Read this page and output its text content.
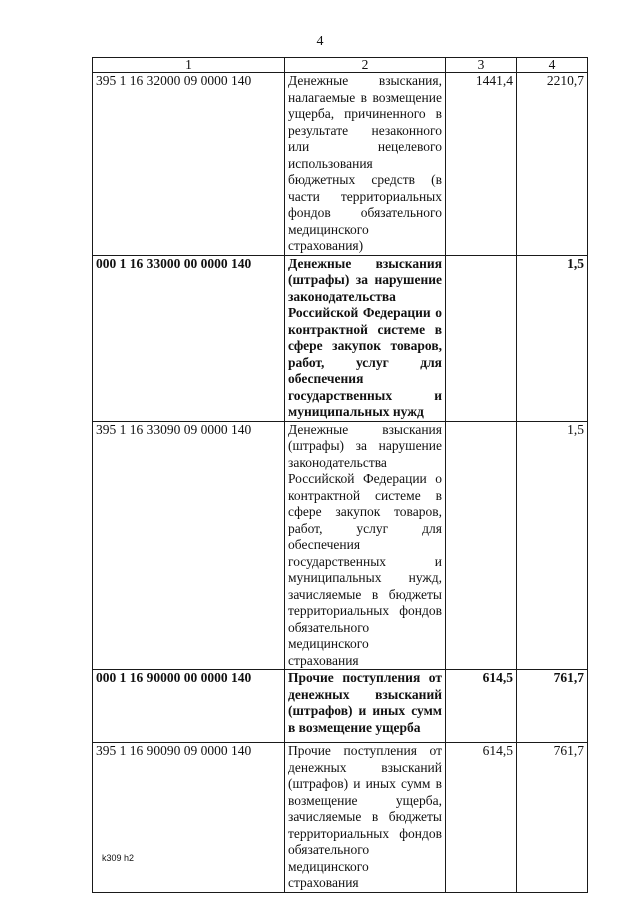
4
1	2	3	4
395 1 16 32000 09 0000 140	Денежные взыскания, налагаемые в возмещение ущерба, причиненного в результате незаконного или нецелевого использования бюджетных средств (в части территориальных фондов обязательного медицинского страхования)	1441,4	2210,7
000 1 16 33000 00 0000 140	Денежные взыскания (штрафы) за нарушение законодательства Российской Федерации о контрактной системе в сфере закупок товаров, работ, услуг для обеспечения государственных и муниципальных нужд		1,5
395 1 16 33090 09 0000 140	Денежные взыскания (штрафы) за нарушение законодательства Российской Федерации о контрактной системе в сфере закупок товаров, работ, услуг для обеспечения государственных и муниципальных нужд, зачисляемые в бюджеты территориальных фондов обязательного медицинского страхования		1,5
000 1 16 90000 00 0000 140	Прочие поступления от денежных взысканий (штрафов) и иных сумм в возмещение ущерба	614,5	761,7
395 1 16 90090 09 0000 140	Прочие поступления от денежных взысканий (штрафов) и иных сумм в возмещение ущерба, зачисляемые в бюджеты территориальных фондов обязательного медицинского страхования	614,5	761,7
k309 h2
